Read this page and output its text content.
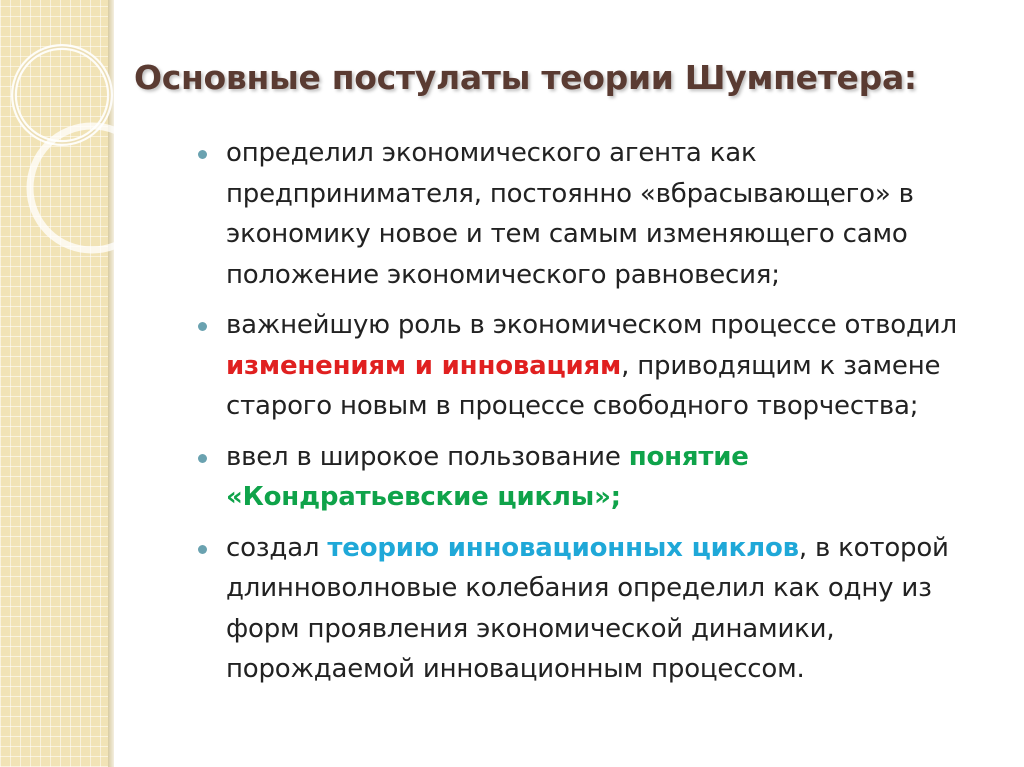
Основные постулаты теории Шумпетера:
определил экономического агента как предпринимателя, постоянно «вбрасывающего» в экономику новое и тем самым изменяющего само положение экономического равновесия;
важнейшую роль в экономическом процессе отводил изменениям и инновациям, приводящим к замене старого новым в процессе свободного творчества;
ввел в широкое пользование понятие «Кондратьевские циклы»;
создал теорию инновационных циклов, в которой длинноволновые колебания определил как одну из форм проявления экономической динамики, порождаемой инновационным процессом.
